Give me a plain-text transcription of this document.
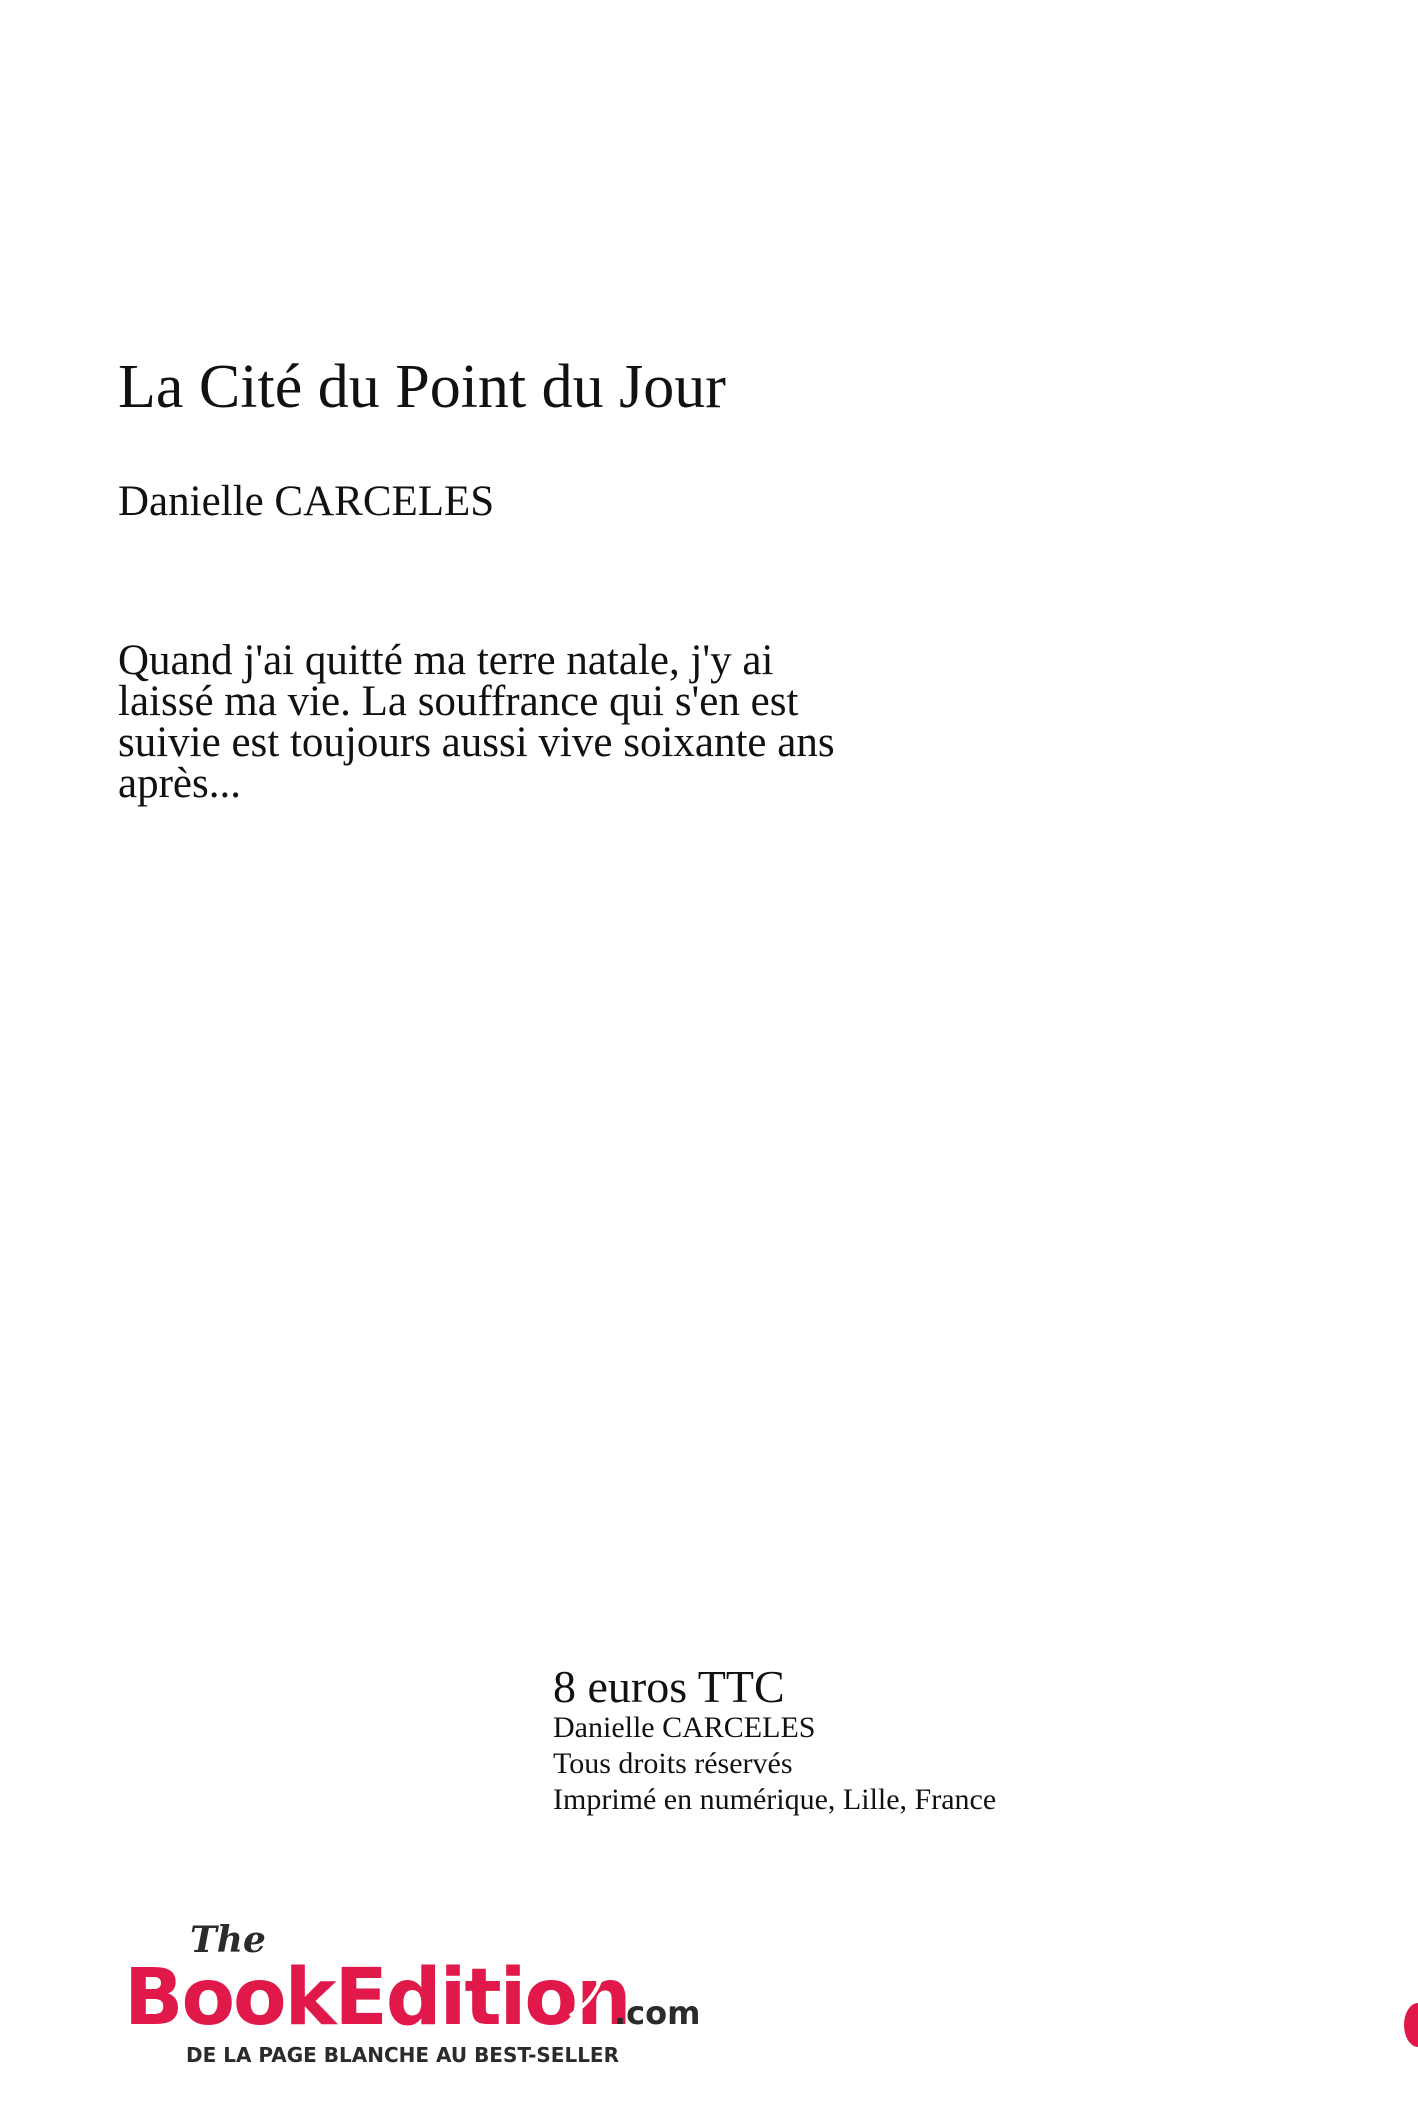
La Cité du Point du Jour
Danielle CARCELES
Quand j'ai quitté ma terre natale, j'y ai
laissé ma vie. La souffrance qui s'en est
suivie est toujours aussi vive soixante ans
après...
8 euros TTC
Danielle CARCELES
Tous droits réservés
Imprimé en numérique, Lille, France
The
BookEdition
.com
DE LA PAGE BLANCHE AU BEST-SELLER
